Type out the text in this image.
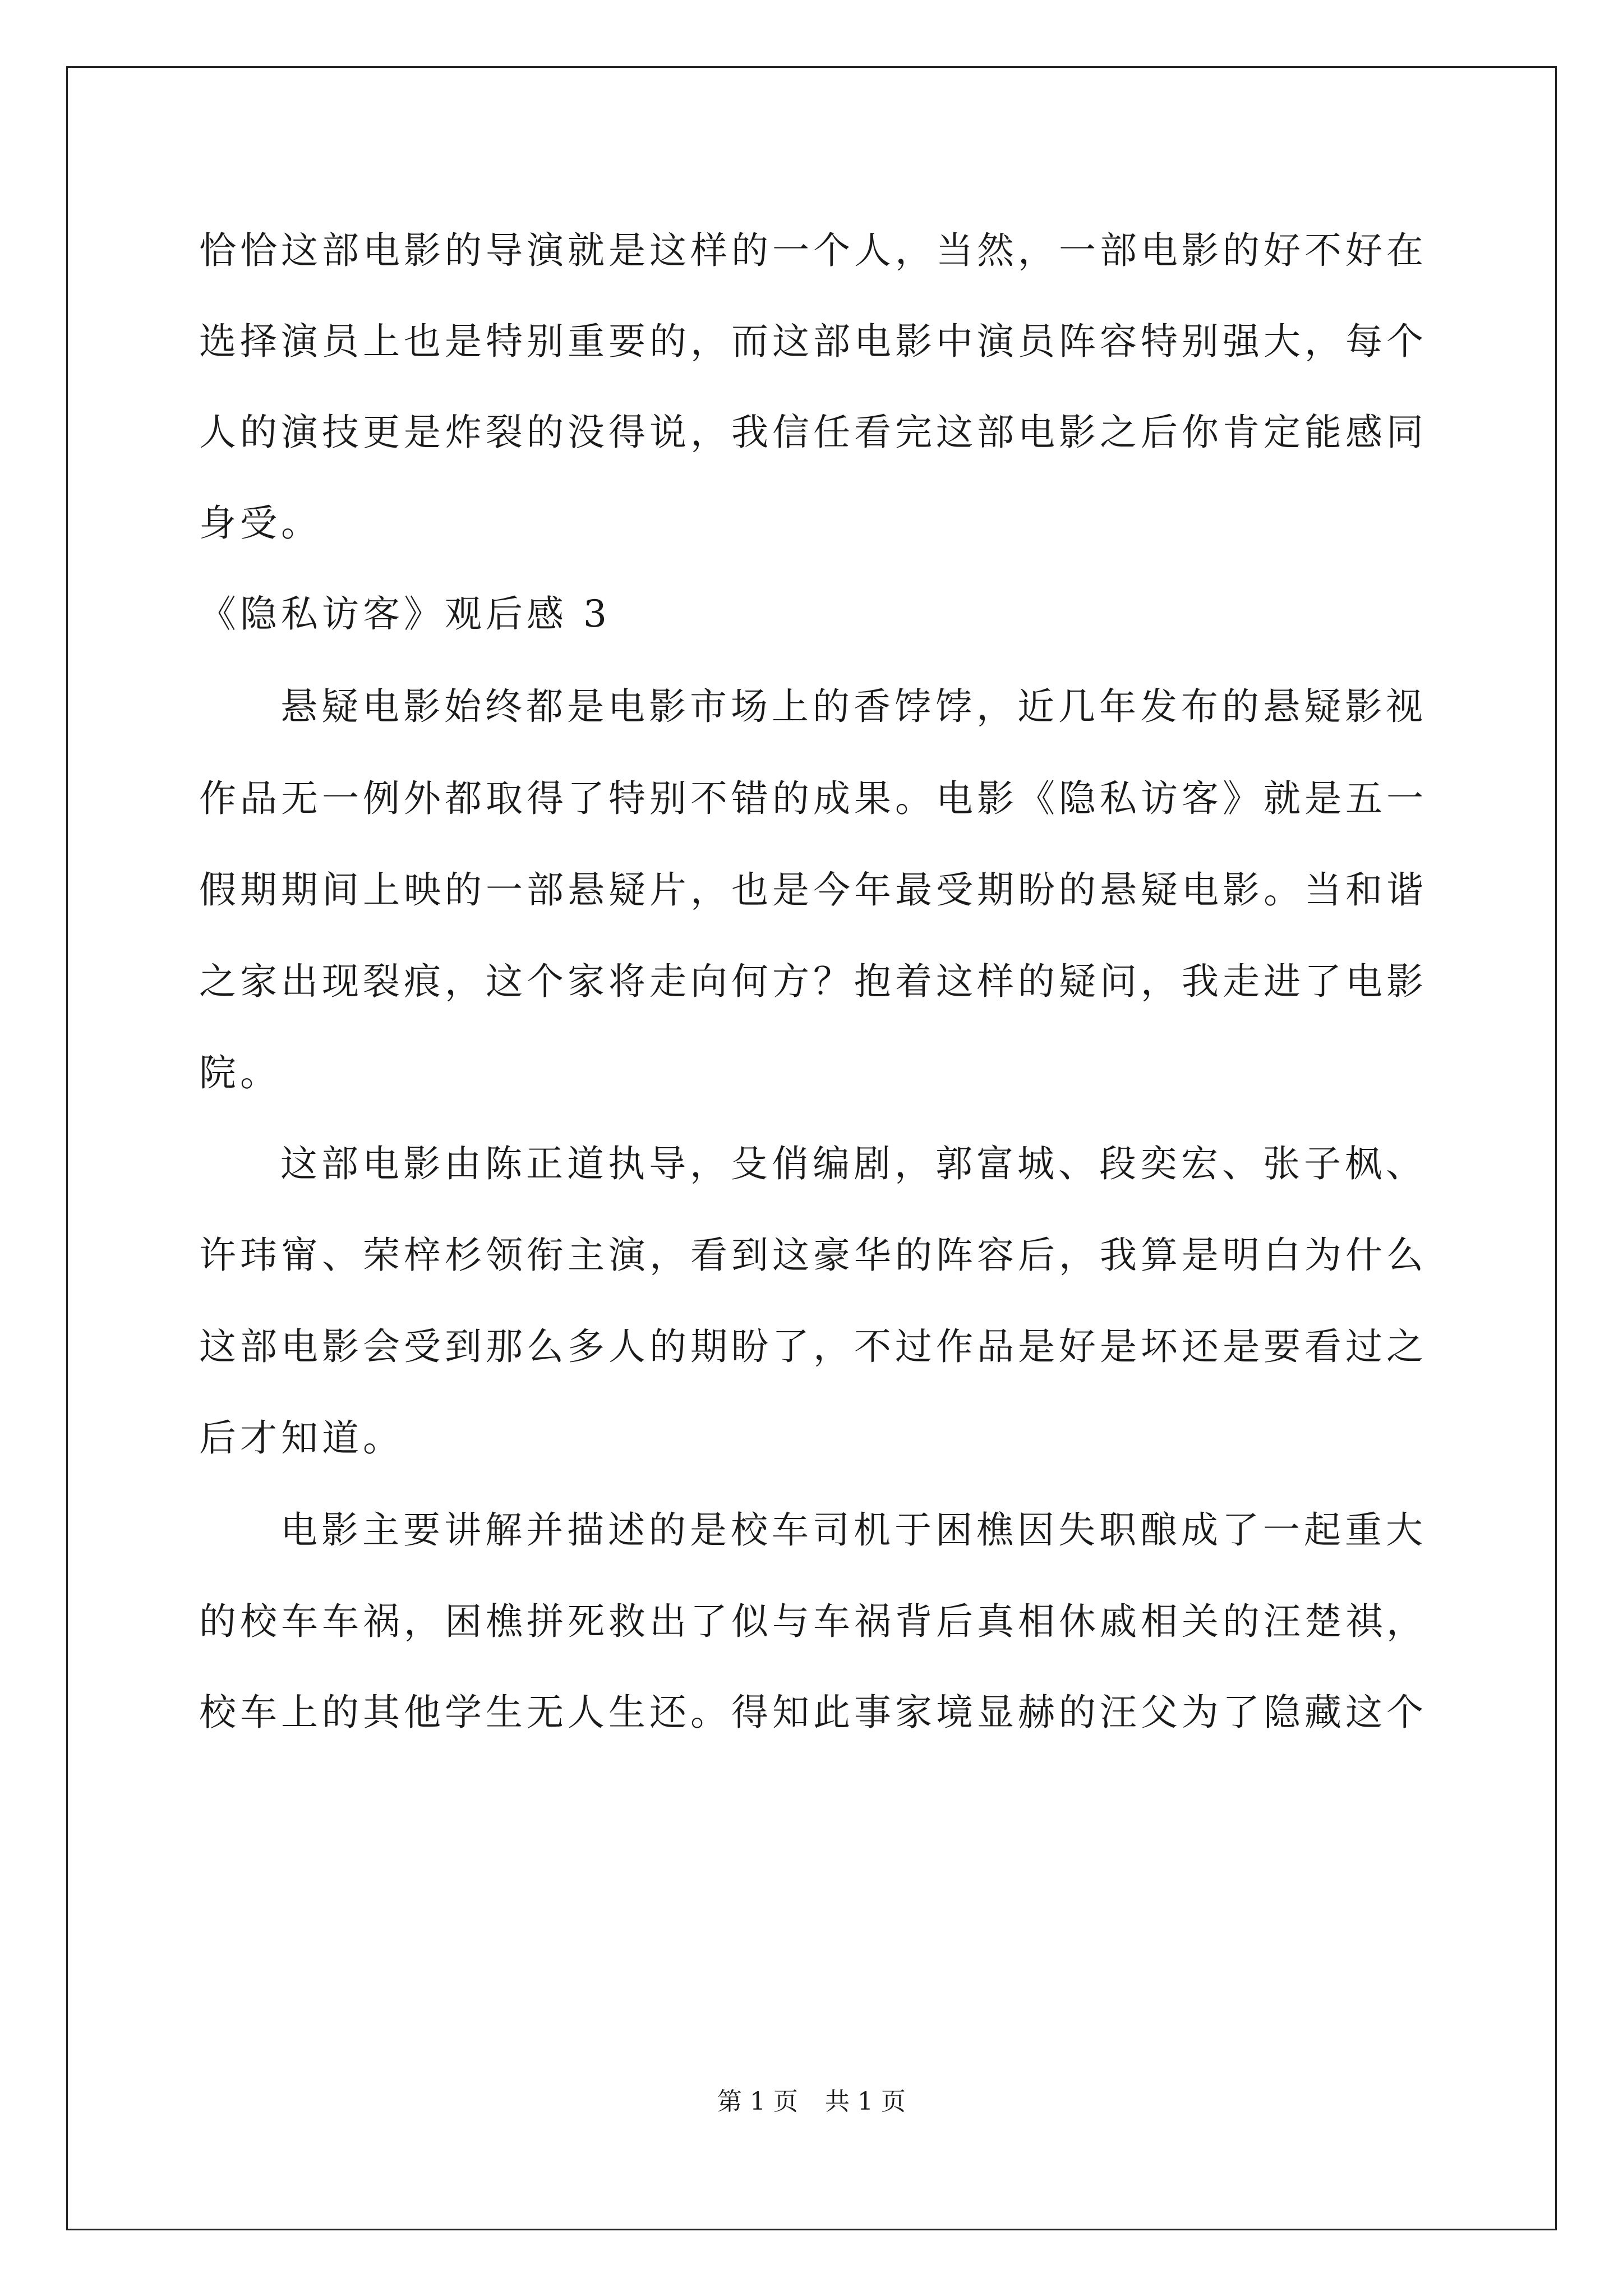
恰恰这部电影的导演就是这样的一个人，当然，一部电影的好不好在
选择演员上也是特别重要的，而这部电影中演员阵容特别强大，每个
人的演技更是炸裂的没得说，我信任看完这部电影之后你肯定能感同
身受。
《隐私访客》观后感 3
悬疑电影始终都是电影市场上的香饽饽，近几年发布的悬疑影视
作品无一例外都取得了特别不错的成果。电影《隐私访客》就是五一
假期期间上映的一部悬疑片，也是今年最受期盼的悬疑电影。当和谐
之家出现裂痕，这个家将走向何方？抱着这样的疑问，我走进了电影
院。
这部电影由陈正道执导，殳俏编剧，郭富城、段奕宏、张子枫、
许玮甯、荣梓杉领衔主演，看到这豪华的阵容后，我算是明白为什么
这部电影会受到那么多人的期盼了，不过作品是好是坏还是要看过之
后才知道。
电影主要讲解并描述的是校车司机于困樵因失职酿成了一起重大
的校车车祸，困樵拼死救出了似与车祸背后真相休戚相关的汪楚祺，
校车上的其他学生无人生还。得知此事家境显赫的汪父为了隐藏这个
第 1 页 共 1 页
